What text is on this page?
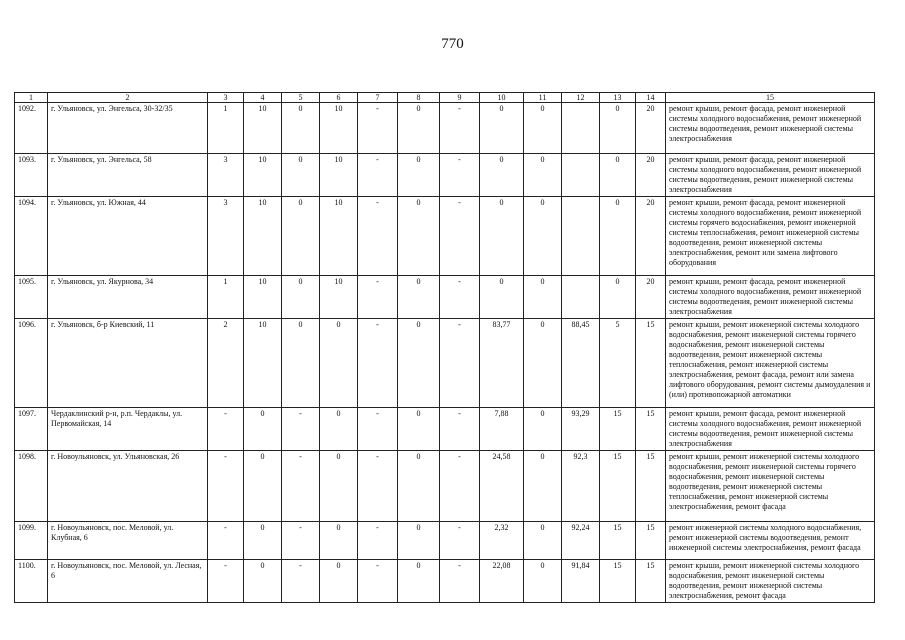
770
1	2	3	4	5	6	7	8	9	10	11	12	13	14	15
1092.	г. Ульяновск, ул. Энгельса, 30-32/35	1	10	0	10	-	0	-	0	0		0	20	ремонт крыши, ремонт фасада, ремонт инженерной системы холодного водоснабжения, ремонт инженерной системы водоотведения, ремонт инженерной системы электроснабжения
1093.	г. Ульяновск, ул. Энгельса, 58	3	10	0	10	-	0	-	0	0		0	20	ремонт крыши, ремонт фасада, ремонт инженерной системы холодного водоснабжения, ремонт инженерной системы водоотведения, ремонт инженерной системы электроснабжения
1094.	г. Ульяновск, ул. Южная, 44	3	10	0	10	-	0	-	0	0		0	20	ремонт крыши, ремонт фасада, ремонт инженерной системы холодного водоснабжения, ремонт инженерной системы горячего водоснабжения, ремонт инженерной системы теплоснабжения, ремонт инженерной системы водоотведения, ремонт инженерной системы электроснабжения, ремонт или замена лифтового оборудования
1095.	г. Ульяновск, ул. Якурнова, 34	1	10	0	10	-	0	-	0	0		0	20	ремонт крыши, ремонт фасада, ремонт инженерной системы холодного водоснабжения, ремонт инженерной системы водоотведения, ремонт инженерной системы электроснабжения
1096.	г. Ульяновск, б-р Киевский, 11	2	10	0	0	-	0	-	83,77	0	88,45	5	15	ремонт крыши, ремонт инженерной системы холодного водоснабжения, ремонт инженерной системы горячего водоснабжения, ремонт инженерной системы водоотведения, ремонт инженерной системы теплоснабжения, ремонт инженерной системы электроснабжения, ремонт фасада, ремонт или замена лифтового оборудования, ремонт системы дымоудаления и (или) противопожарной автоматики
1097.	Чердаклинский р-н, р.п. Чердаклы, ул. Первомайская, 14	-	0	-	0	-	0	-	7,88	0	93,29	15	15	ремонт крыши, ремонт фасада, ремонт инженерной системы холодного водоснабжения, ремонт инженерной системы водоотведения, ремонт инженерной системы электроснабжения
1098.	г. Новоульяновск, ул. Ульяновская, 26	-	0	-	0	-	0	-	24,58	0	92,3	15	15	ремонт крыши, ремонт инженерной системы холодного водоснабжения, ремонт инженерной системы горячего водоснабжения, ремонт инженерной системы водоотведения, ремонт инженерной системы теплоснабжения, ремонт инженерной системы электроснабжения, ремонт фасада
1099.	г. Новоульяновск, пос. Меловой, ул. Клубная, 6	-	0	-	0	-	0	-	2,32	0	92,24	15	15	ремонт инженерной системы холодного водоснабжения, ремонт инженерной системы водоотведения, ремонт инженерной системы электроснабжения, ремонт фасада
1100.	г. Новоульяновск, пос. Меловой, ул. Лесная, 6	-	0	-	0	-	0	-	22,08	0	91,84	15	15	ремонт крыши, ремонт инженерной системы холодного водоснабжения, ремонт инженерной системы водоотведения, ремонт инженерной системы электроснабжения, ремонт фасада
